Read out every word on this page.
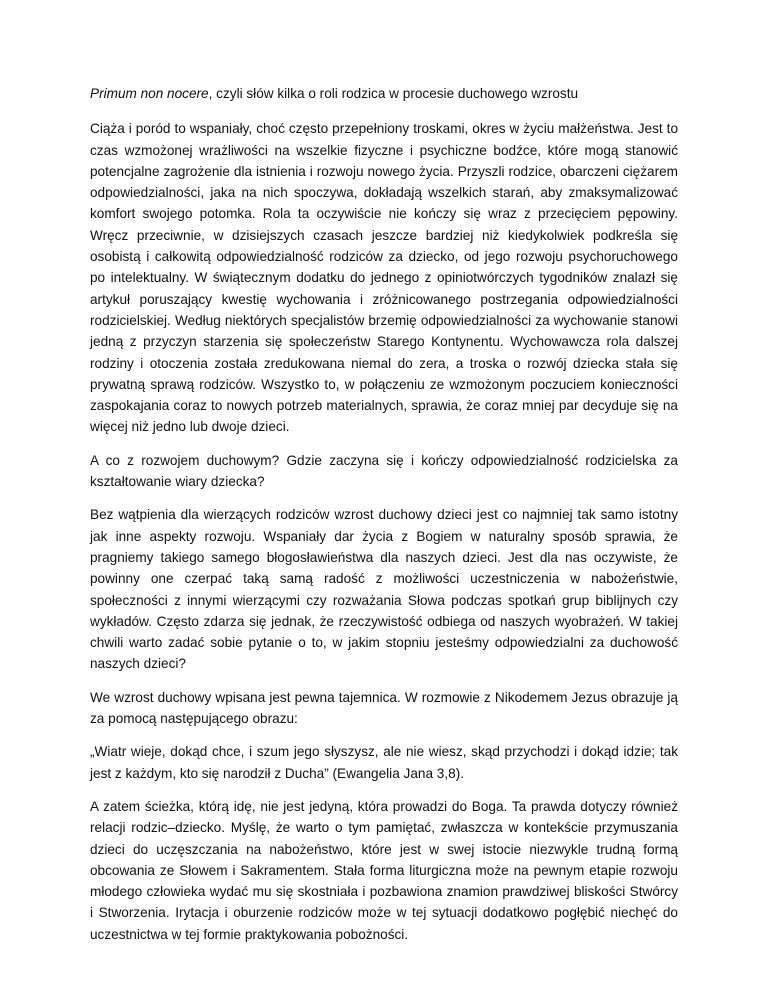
Primum non nocere, czyli słów kilka o roli rodzica w procesie duchowego wzrostu

Ciąża i poród to wspaniały, choć często przepełniony troskami, okres w życiu małżeństwa. Jest to czas wzmożonej wrażliwości na wszelkie fizyczne i psychiczne bodźce, które mogą stanowić potencjalne zagrożenie dla istnienia i rozwoju nowego życia. Przyszli rodzice, obarczeni ciężarem odpowiedzialności, jaka na nich spoczywa, dokładają wszelkich starań, aby zmaksymalizować komfort swojego potomka. Rola ta oczywiście nie kończy się wraz z przecięciem pępowiny. Wręcz przeciwnie, w dzisiejszych czasach jeszcze bardziej niż kiedykolwiek podkreśla się osobistą i całkowitą odpowiedzialność rodziców za dziecko, od jego rozwoju psychoruchowego po intelektualny. W świątecznym dodatku do jednego z opiniotwórczych tygodników znalazł się artykuł poruszający kwestię wychowania i zróżnicowanego postrzegania odpowiedzialności rodzicielskiej. Według niektórych specjalistów brzemię odpowiedzialności za wychowanie stanowi jedną z przyczyn starzenia się społeczeństw Starego Kontynentu. Wychowawcza rola dalszej rodziny i otoczenia została zredukowana niemal do zera, a troska o rozwój dziecka stała się prywatną sprawą rodziców. Wszystko to, w połączeniu ze wzmożonym poczuciem konieczności zaspokajania coraz to nowych potrzeb materialnych, sprawia, że coraz mniej par decyduje się na więcej niż jedno lub dwoje dzieci.

A co z rozwojem duchowym? Gdzie zaczyna się i kończy odpowiedzialność rodzicielska za kształtowanie wiary dziecka?

Bez wątpienia dla wierzących rodziców wzrost duchowy dzieci jest co najmniej tak samo istotny jak inne aspekty rozwoju. Wspaniały dar życia z Bogiem w naturalny sposób sprawia, że pragniemy takiego samego błogosławieństwa dla naszych dzieci. Jest dla nas oczywiste, że powinny one czerpać taką samą radość z możliwości uczestniczenia w nabożeństwie, społeczności z innymi wierzącymi czy rozważania Słowa podczas spotkań grup biblijnych czy wykładów. Często zdarza się jednak, że rzeczywistość odbiega od naszych wyobrażeń. W takiej chwili warto zadać sobie pytanie o to, w jakim stopniu jesteśmy odpowiedzialni za duchowość naszych dzieci?

We wzrost duchowy wpisana jest pewna tajemnica. W rozmowie z Nikodemem Jezus obrazuje ją za pomocą następującego obrazu:

„Wiatr wieje, dokąd chce, i szum jego słyszysz, ale nie wiesz, skąd przychodzi i dokąd idzie; tak jest z każdym, kto się narodził z Ducha” (Ewangelia Jana 3,8).

A zatem ścieżka, którą idę, nie jest jedyną, która prowadzi do Boga. Ta prawda dotyczy również relacji rodzic–dziecko. Myślę, że warto o tym pamiętać, zwłaszcza w kontekście przymuszania dzieci do uczęszczania na nabożeństwo, które jest w swej istocie niezwykle trudną formą obcowania ze Słowem i Sakramentem. Stała forma liturgiczna może na pewnym etapie rozwoju młodego człowieka wydać mu się skostniała i pozbawiona znamion prawdziwej bliskości Stwórcy i Stworzenia. Irytacja i oburzenie rodziców może w tej sytuacji dodatkowo pogłębić niechęć do uczestnictwa w tej formie praktykowania pobożności.
